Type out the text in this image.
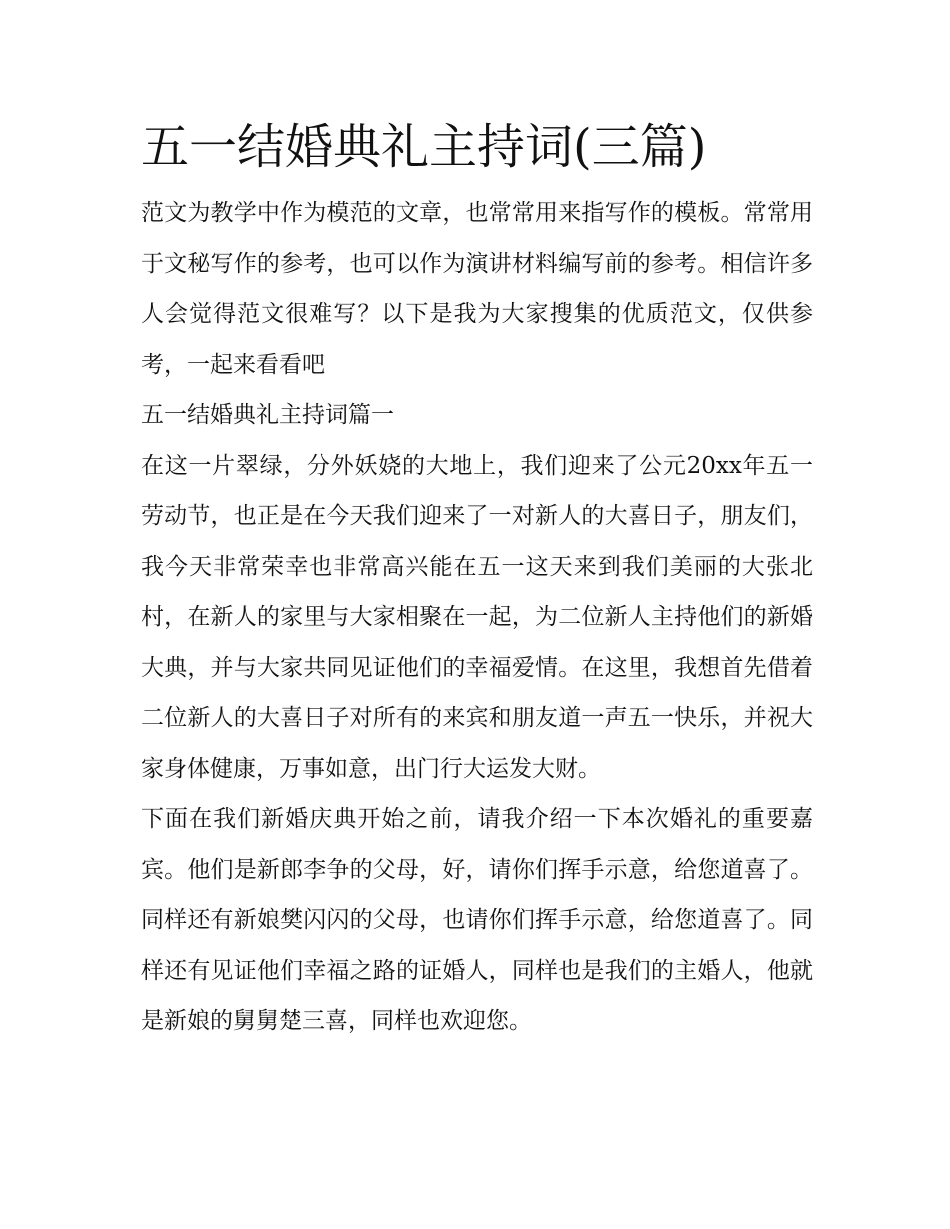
五一结婚典礼主持词(三篇)

范文为教学中作为模范的文章，也常常用来指写作的模板。常常用于文秘写作的参考，也可以作为演讲材料编写前的参考。相信许多人会觉得范文很难写？以下是我为大家搜集的优质范文，仅供参考，一起来看看吧

五一结婚典礼主持词篇一

在这一片翠绿，分外妖娆的大地上，我们迎来了公元20xx年五一劳动节，也正是在今天我们迎来了一对新人的大喜日子，朋友们，我今天非常荣幸也非常高兴能在五一这天来到我们美丽的大张北村，在新人的家里与大家相聚在一起，为二位新人主持他们的新婚大典，并与大家共同见证他们的幸福爱情。在这里，我想首先借着二位新人的大喜日子对所有的来宾和朋友道一声五一快乐，并祝大家身体健康，万事如意，出门行大运发大财。

下面在我们新婚庆典开始之前，请我介绍一下本次婚礼的重要嘉宾。他们是新郎李争的父母，好，请你们挥手示意，给您道喜了。同样还有新娘樊闪闪的父母，也请你们挥手示意，给您道喜了。同样还有见证他们幸福之路的证婚人，同样也是我们的主婚人，他就是新娘的舅舅楚三喜，同样也欢迎您。
